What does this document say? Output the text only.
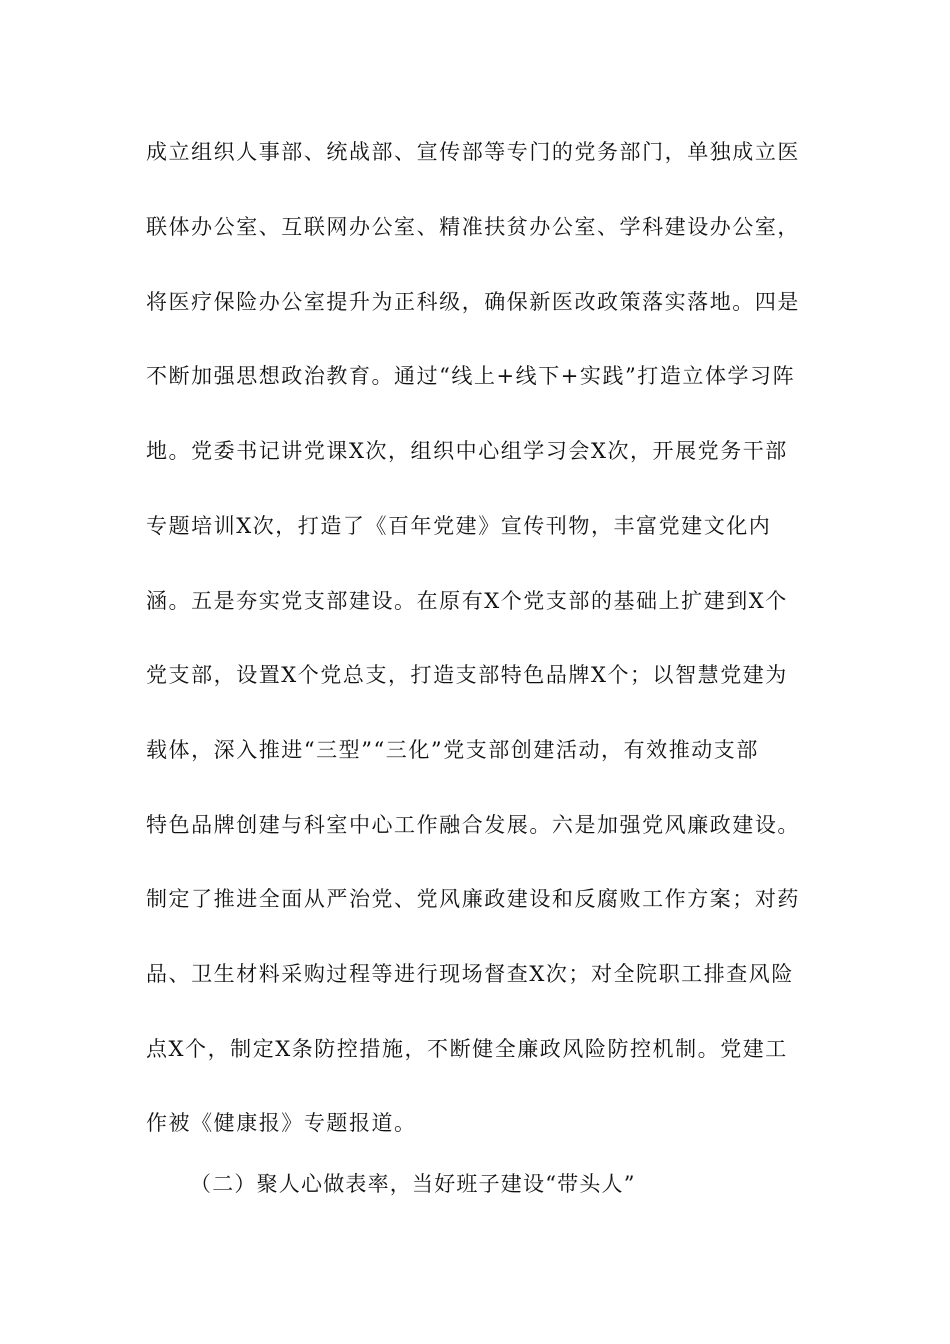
成立组织人事部、统战部、宣传部等专门的党务部门，单独成立医
联体办公室、互联网办公室、精准扶贫办公室、学科建设办公室，
将医疗保险办公室提升为正科级，确保新医改政策落实落地。四是
不断加强思想政治教育。通过“线上+线下+实践”打造立体学习阵
地。党委书记讲党课X次，组织中心组学习会X次，开展党务干部
专题培训X次，打造了《百年党建》宣传刊物，丰富党建文化内
涵。五是夯实党支部建设。在原有X个党支部的基础上扩建到X个
党支部，设置X个党总支，打造支部特色品牌X个；以智慧党建为
载体，深入推进“三型”“三化”党支部创建活动，有效推动支部
特色品牌创建与科室中心工作融合发展。六是加强党风廉政建设。
制定了推进全面从严治党、党风廉政建设和反腐败工作方案；对药
品、卫生材料采购过程等进行现场督查X次；对全院职工排查风险
点X个，制定X条防控措施，不断健全廉政风险防控机制。党建工
作被《健康报》专题报道。
（二）聚人心做表率，当好班子建设“带头人”
